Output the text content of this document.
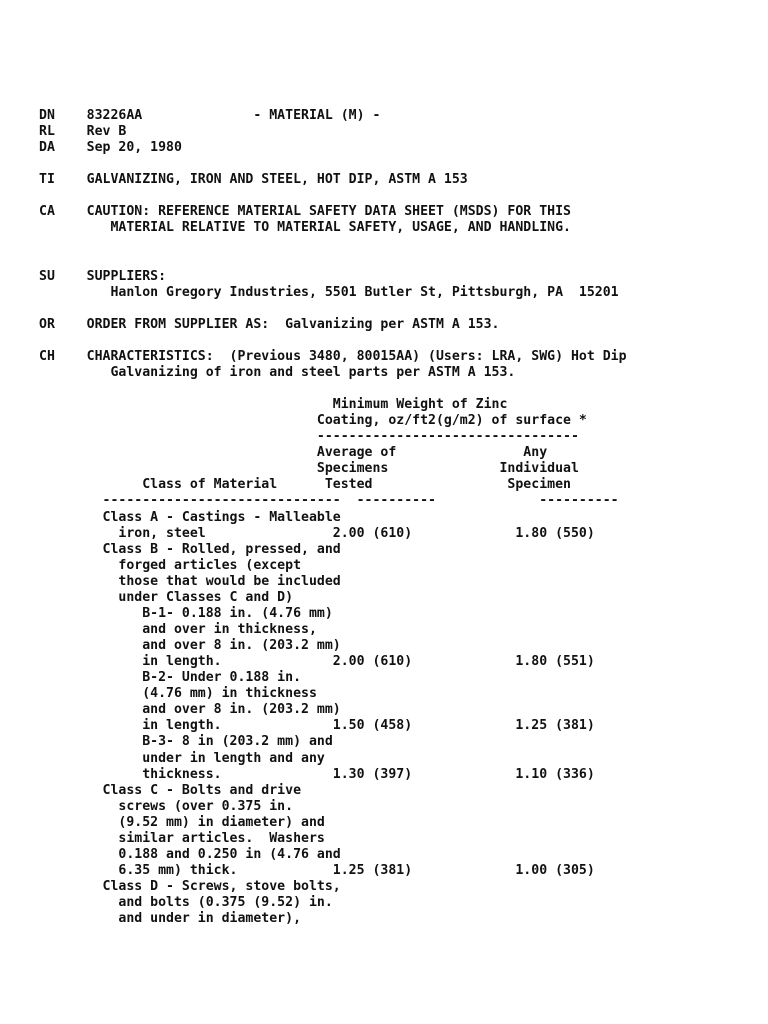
DN    83226AA              - MATERIAL (M) -
RL    Rev B
DA    Sep 20, 1980
TI    GALVANIZING, IRON AND STEEL, HOT DIP, ASTM A 153
CA    CAUTION: REFERENCE MATERIAL SAFETY DATA SHEET (MSDS) FOR THIS
MATERIAL RELATIVE TO MATERIAL SAFETY, USAGE, AND HANDLING.
SU    SUPPLIERS:
Hanlon Gregory Industries, 5501 Butler St, Pittsburgh, PA  15201
OR    ORDER FROM SUPPLIER AS:  Galvanizing per ASTM A 153.
CH    CHARACTERISTICS:  (Previous 3480, 80015AA) (Users: LRA, SWG) Hot Dip
Galvanizing of iron and steel parts per ASTM A 153.
Minimum Weight of Zinc
Coating, oz/ft2(g/m2) of surface *
---------------------------------
Average of                Any
Specimens              Individual
Class of Material      Tested                 Specimen
------------------------------  ----------             ----------
Class A - Castings - Malleable
iron, steel                2.00 (610)             1.80 (550)
Class B - Rolled, pressed, and
forged articles (except
those that would be included
under Classes C and D)
B-1- 0.188 in. (4.76 mm)
and over in thickness,
and over 8 in. (203.2 mm)
in length.              2.00 (610)             1.80 (551)
B-2- Under 0.188 in.
(4.76 mm) in thickness
and over 8 in. (203.2 mm)
in length.              1.50 (458)             1.25 (381)
B-3- 8 in (203.2 mm) and
under in length and any
thickness.              1.30 (397)             1.10 (336)
Class C - Bolts and drive
screws (over 0.375 in.
(9.52 mm) in diameter) and
similar articles.  Washers
0.188 and 0.250 in (4.76 and
6.35 mm) thick.            1.25 (381)             1.00 (305)
Class D - Screws, stove bolts,
and bolts (0.375 (9.52) in.
and under in diameter),
